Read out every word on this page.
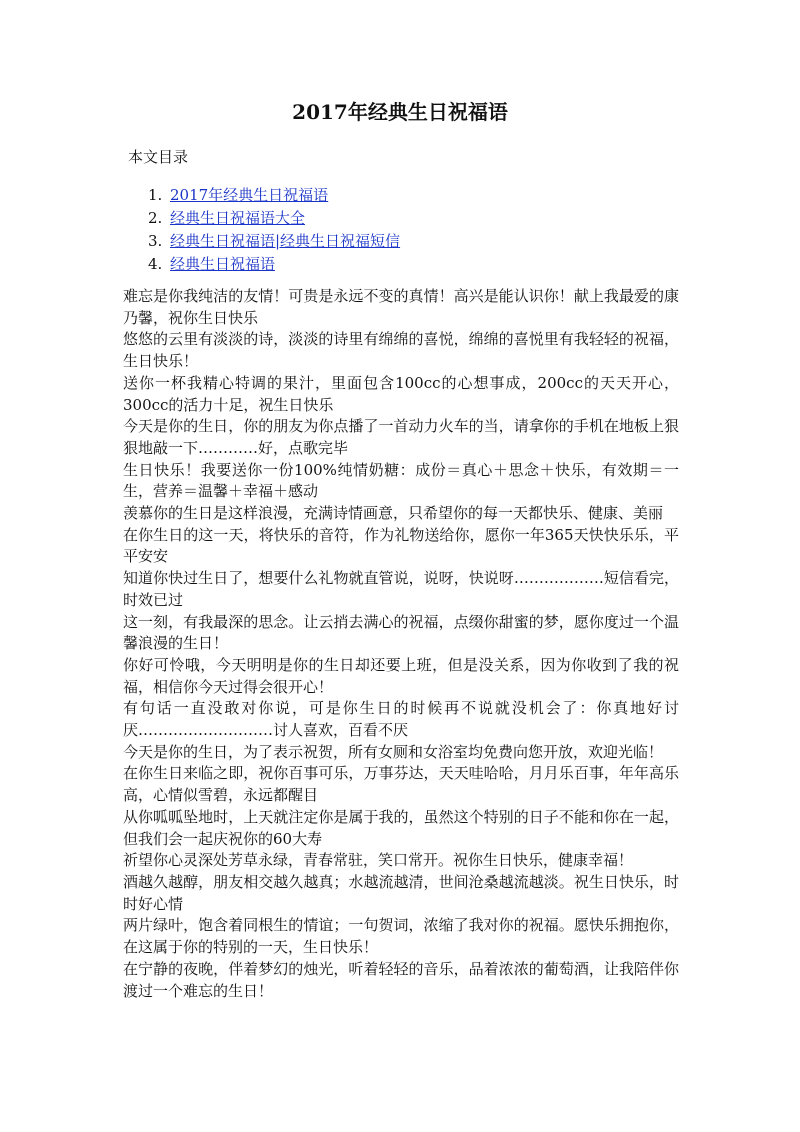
2017年经典生日祝福语
本文目录
1. 2017年经典生日祝福语
2. 经典生日祝福语大全
3. 经典生日祝福语|经典生日祝福短信
4. 经典生日祝福语

难忘是你我纯洁的友情！可贵是永远不变的真情！高兴是能认识你！献上我最爱的康乃馨，祝你生日快乐

悠悠的云里有淡淡的诗，淡淡的诗里有绵绵的喜悦，绵绵的喜悦里有我轻轻的祝福，生日快乐！

送你一杯我精心特调的果汁，里面包含100cc的心想事成，200cc的天天开心，300cc的活力十足，祝生日快乐

今天是你的生日，你的朋友为你点播了一首动力火车的当，请拿你的手机在地板上狠狠地敲一下…………好，点歌完毕

生日快乐！我要送你一份100%纯情奶糖：成份＝真心＋思念＋快乐，有效期＝一生，营养＝温馨＋幸福＋感动

羡慕你的生日是这样浪漫，充满诗情画意，只希望你的每一天都快乐、健康、美丽

在你生日的这一天，将快乐的音符，作为礼物送给你，愿你一年365天快快乐乐，平平安安

知道你快过生日了，想要什么礼物就直管说，说呀，快说呀………………短信看完，时效已过

这一刻，有我最深的思念。让云捎去满心的祝福，点缀你甜蜜的梦，愿你度过一个温馨浪漫的生日！

你好可怜哦，今天明明是你的生日却还要上班，但是没关系，因为你收到了我的祝福，相信你今天过得会很开心！

有句话一直没敢对你说，可是你生日的时候再不说就没机会了：你真地好讨厌………………………讨人喜欢，百看不厌

今天是你的生日，为了表示祝贺，所有女厕和女浴室均免费向您开放，欢迎光临！

在你生日来临之即，祝你百事可乐，万事芬达，天天哇哈哈，月月乐百事，年年高乐高，心情似雪碧，永远都醒目

从你呱呱坠地时，上天就注定你是属于我的，虽然这个特别的日子不能和你在一起，但我们会一起庆祝你的60大寿

祈望你心灵深处芳草永绿，青春常驻，笑口常开。祝你生日快乐，健康幸福！

酒越久越醇，朋友相交越久越真；水越流越清，世间沧桑越流越淡。祝生日快乐，时时好心情

两片绿叶，饱含着同根生的情谊；一句贺词，浓缩了我对你的祝福。愿快乐拥抱你，在这属于你的特别的一天，生日快乐！

在宁静的夜晚，伴着梦幻的烛光，听着轻轻的音乐，品着浓浓的葡萄酒，让我陪伴你渡过一个难忘的生日！
